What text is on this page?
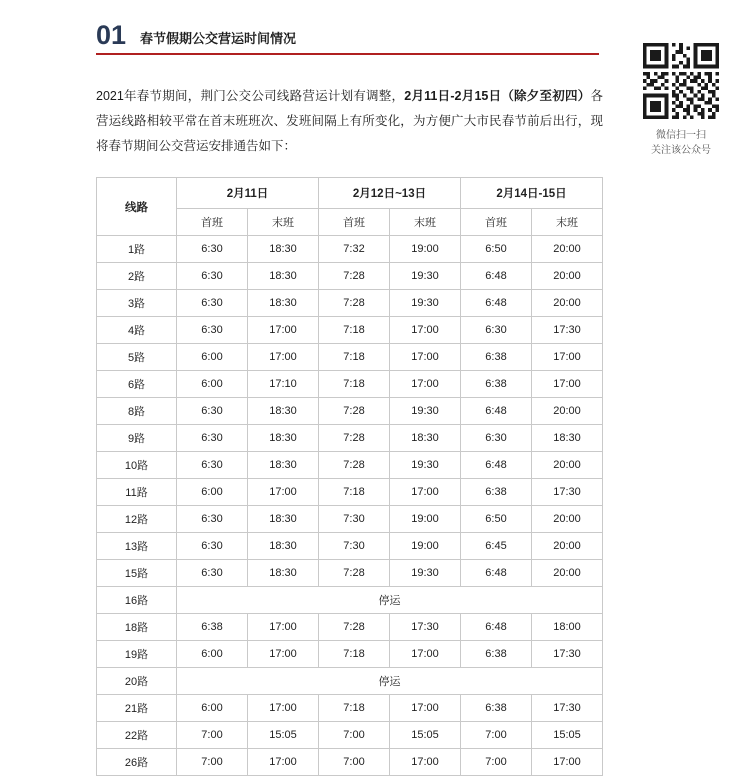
01	春节假期公交营运时间情况
微信扫一扫
关注该公众号

2021年春节期间，荆门公交公司线路营运计划有调整，2月11日-2月15日（除夕至初四）各营运线路相较平常在首末班班次、发班间隔上有所变化，为方便广大市民春节前后出行，现将春节期间公交营运安排通告如下：

线路	2月11日		2月12日~13日		2月14日-15日	
	首班	末班	首班	末班	首班	末班
1路	6:30	18:30	7:32	19:00	6:50	20:00
2路	6:30	18:30	7:28	19:30	6:48	20:00
3路	6:30	18:30	7:28	19:30	6:48	20:00
4路	6:30	17:00	7:18	17:00	6:30	17:30
5路	6:00	17:00	7:18	17:00	6:38	17:00
6路	6:00	17:10	7:18	17:00	6:38	17:00
8路	6:30	18:30	7:28	19:30	6:48	20:00
9路	6:30	18:30	7:28	18:30	6:30	18:30
10路	6:30	18:30	7:28	19:30	6:48	20:00
11路	6:00	17:00	7:18	17:00	6:38	17:30
12路	6:30	18:30	7:30	19:00	6:50	20:00
13路	6:30	18:30	7:30	19:00	6:45	20:00
15路	6:30	18:30	7:28	19:30	6:48	20:00
16路	停运					
18路	6:38	17:00	7:28	17:30	6:48	18:00
19路	6:00	17:00	7:18	17:00	6:38	17:30
20路	停运					
21路	6:00	17:00	7:18	17:00	6:38	17:30
22路	7:00	15:05	7:00	15:05	7:00	15:05
26路	7:00	17:00	7:00	17:00	7:00	17:00
